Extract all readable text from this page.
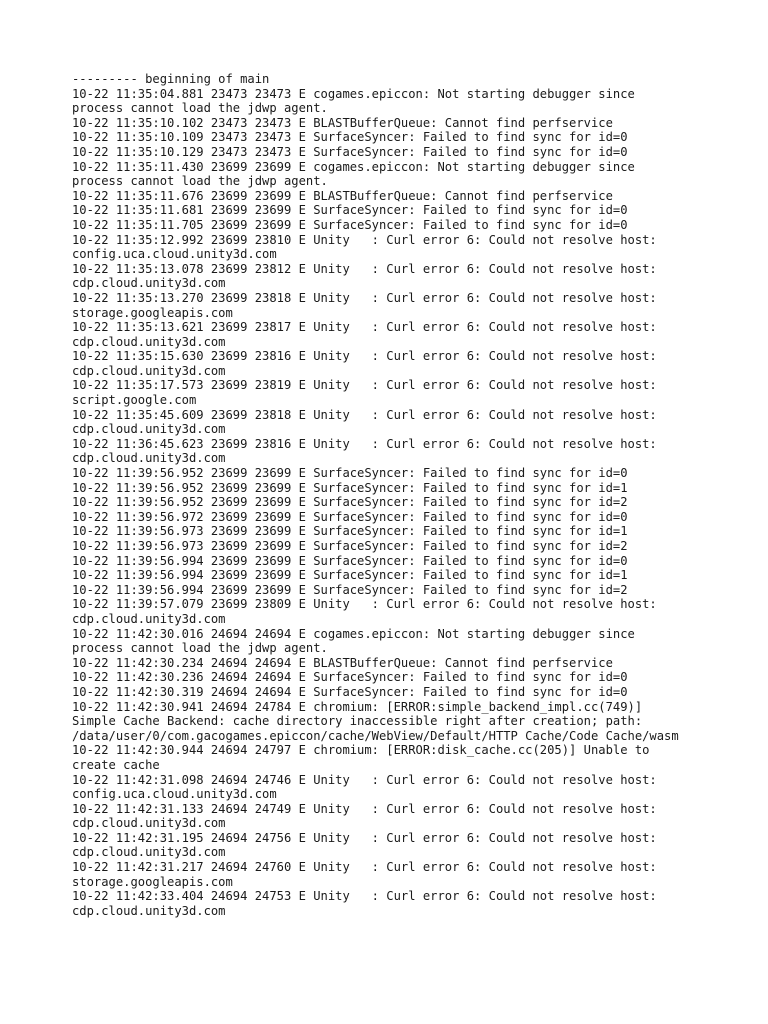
--------- beginning of main
10-22 11:35:04.881 23473 23473 E cogames.epiccon: Not starting debugger since
process cannot load the jdwp agent.
10-22 11:35:10.102 23473 23473 E BLASTBufferQueue: Cannot find perfservice
10-22 11:35:10.109 23473 23473 E SurfaceSyncer: Failed to find sync for id=0
10-22 11:35:10.129 23473 23473 E SurfaceSyncer: Failed to find sync for id=0
10-22 11:35:11.430 23699 23699 E cogames.epiccon: Not starting debugger since
process cannot load the jdwp agent.
10-22 11:35:11.676 23699 23699 E BLASTBufferQueue: Cannot find perfservice
10-22 11:35:11.681 23699 23699 E SurfaceSyncer: Failed to find sync for id=0
10-22 11:35:11.705 23699 23699 E SurfaceSyncer: Failed to find sync for id=0
10-22 11:35:12.992 23699 23810 E Unity   : Curl error 6: Could not resolve host:
config.uca.cloud.unity3d.com
10-22 11:35:13.078 23699 23812 E Unity   : Curl error 6: Could not resolve host:
cdp.cloud.unity3d.com
10-22 11:35:13.270 23699 23818 E Unity   : Curl error 6: Could not resolve host:
storage.googleapis.com
10-22 11:35:13.621 23699 23817 E Unity   : Curl error 6: Could not resolve host:
cdp.cloud.unity3d.com
10-22 11:35:15.630 23699 23816 E Unity   : Curl error 6: Could not resolve host:
cdp.cloud.unity3d.com
10-22 11:35:17.573 23699 23819 E Unity   : Curl error 6: Could not resolve host:
script.google.com
10-22 11:35:45.609 23699 23818 E Unity   : Curl error 6: Could not resolve host:
cdp.cloud.unity3d.com
10-22 11:36:45.623 23699 23816 E Unity   : Curl error 6: Could not resolve host:
cdp.cloud.unity3d.com
10-22 11:39:56.952 23699 23699 E SurfaceSyncer: Failed to find sync for id=0
10-22 11:39:56.952 23699 23699 E SurfaceSyncer: Failed to find sync for id=1
10-22 11:39:56.952 23699 23699 E SurfaceSyncer: Failed to find sync for id=2
10-22 11:39:56.972 23699 23699 E SurfaceSyncer: Failed to find sync for id=0
10-22 11:39:56.973 23699 23699 E SurfaceSyncer: Failed to find sync for id=1
10-22 11:39:56.973 23699 23699 E SurfaceSyncer: Failed to find sync for id=2
10-22 11:39:56.994 23699 23699 E SurfaceSyncer: Failed to find sync for id=0
10-22 11:39:56.994 23699 23699 E SurfaceSyncer: Failed to find sync for id=1
10-22 11:39:56.994 23699 23699 E SurfaceSyncer: Failed to find sync for id=2
10-22 11:39:57.079 23699 23809 E Unity   : Curl error 6: Could not resolve host:
cdp.cloud.unity3d.com
10-22 11:42:30.016 24694 24694 E cogames.epiccon: Not starting debugger since
process cannot load the jdwp agent.
10-22 11:42:30.234 24694 24694 E BLASTBufferQueue: Cannot find perfservice
10-22 11:42:30.236 24694 24694 E SurfaceSyncer: Failed to find sync for id=0
10-22 11:42:30.319 24694 24694 E SurfaceSyncer: Failed to find sync for id=0
10-22 11:42:30.941 24694 24784 E chromium: [ERROR:simple_backend_impl.cc(749)]
Simple Cache Backend: cache directory inaccessible right after creation; path:
/data/user/0/com.gacogames.epiccon/cache/WebView/Default/HTTP Cache/Code Cache/wasm
10-22 11:42:30.944 24694 24797 E chromium: [ERROR:disk_cache.cc(205)] Unable to
create cache
10-22 11:42:31.098 24694 24746 E Unity   : Curl error 6: Could not resolve host:
config.uca.cloud.unity3d.com
10-22 11:42:31.133 24694 24749 E Unity   : Curl error 6: Could not resolve host:
cdp.cloud.unity3d.com
10-22 11:42:31.195 24694 24756 E Unity   : Curl error 6: Could not resolve host:
cdp.cloud.unity3d.com
10-22 11:42:31.217 24694 24760 E Unity   : Curl error 6: Could not resolve host:
storage.googleapis.com
10-22 11:42:33.404 24694 24753 E Unity   : Curl error 6: Could not resolve host:
cdp.cloud.unity3d.com
